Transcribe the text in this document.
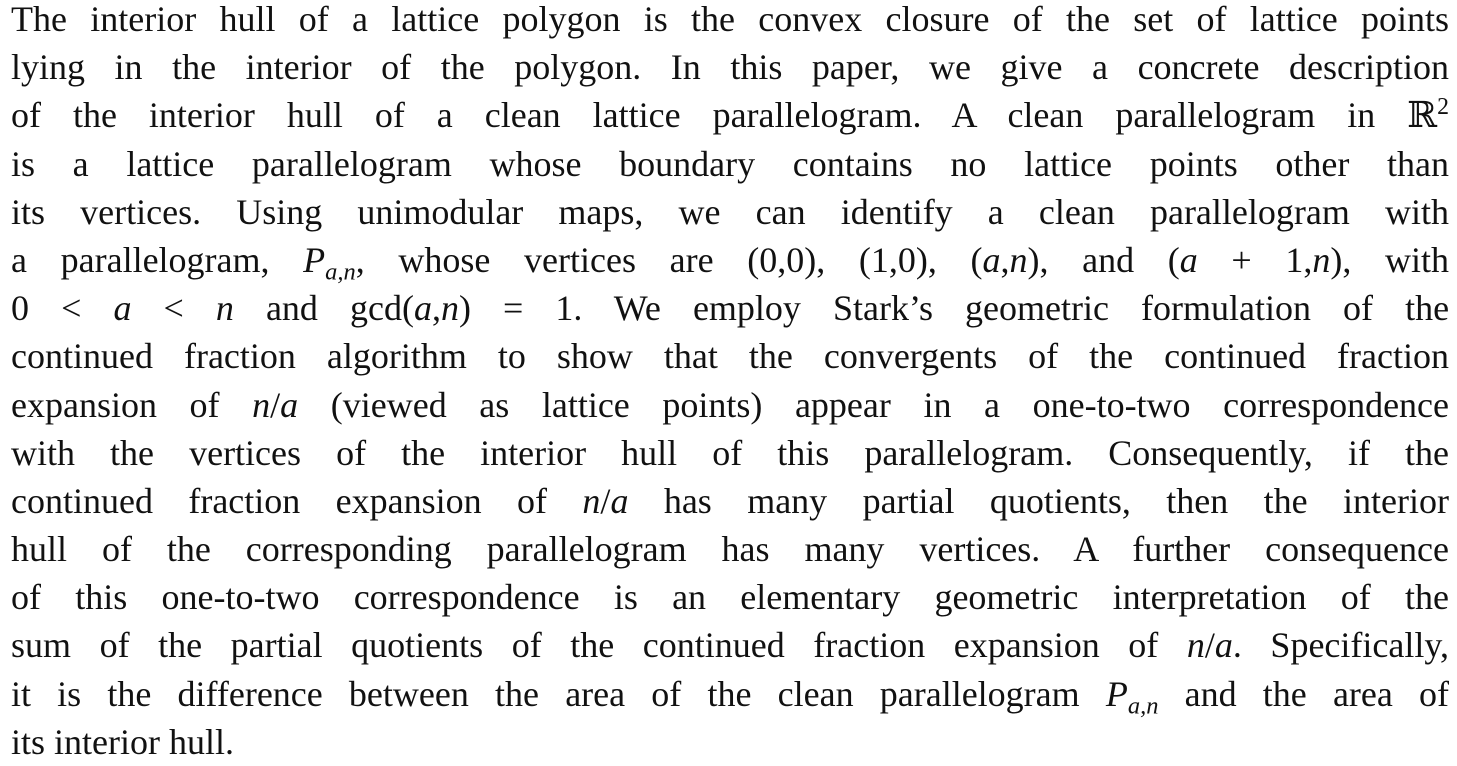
The interior hull of a lattice polygon is the convex closure of the set of lattice points
lying in the interior of the polygon. In this paper, we give a concrete description
of the interior hull of a clean lattice parallelogram. A clean parallelogram in ℝ$^2$
is a lattice parallelogram whose boundary contains no lattice points other than
its vertices. Using unimodular maps, we can identify a clean parallelogram with
a parallelogram, $P_{a,n}$, whose vertices are (0,0), (1,0), (a,n), and (a + 1,n), with
0 < a < n and gcd(a,n) = 1. We employ Stark’s geometric formulation of the
continued fraction algorithm to show that the convergents of the continued fraction
expansion of n/a (viewed as lattice points) appear in a one-to-two correspondence
with the vertices of the interior hull of this parallelogram. Consequently, if the
continued fraction expansion of n/a has many partial quotients, then the interior
hull of the corresponding parallelogram has many vertices. A further consequence
of this one-to-two correspondence is an elementary geometric interpretation of the
sum of the partial quotients of the continued fraction expansion of n/a. Specifically,
it is the difference between the area of the clean parallelogram $P_{a,n}$ and the area of
its interior hull.
